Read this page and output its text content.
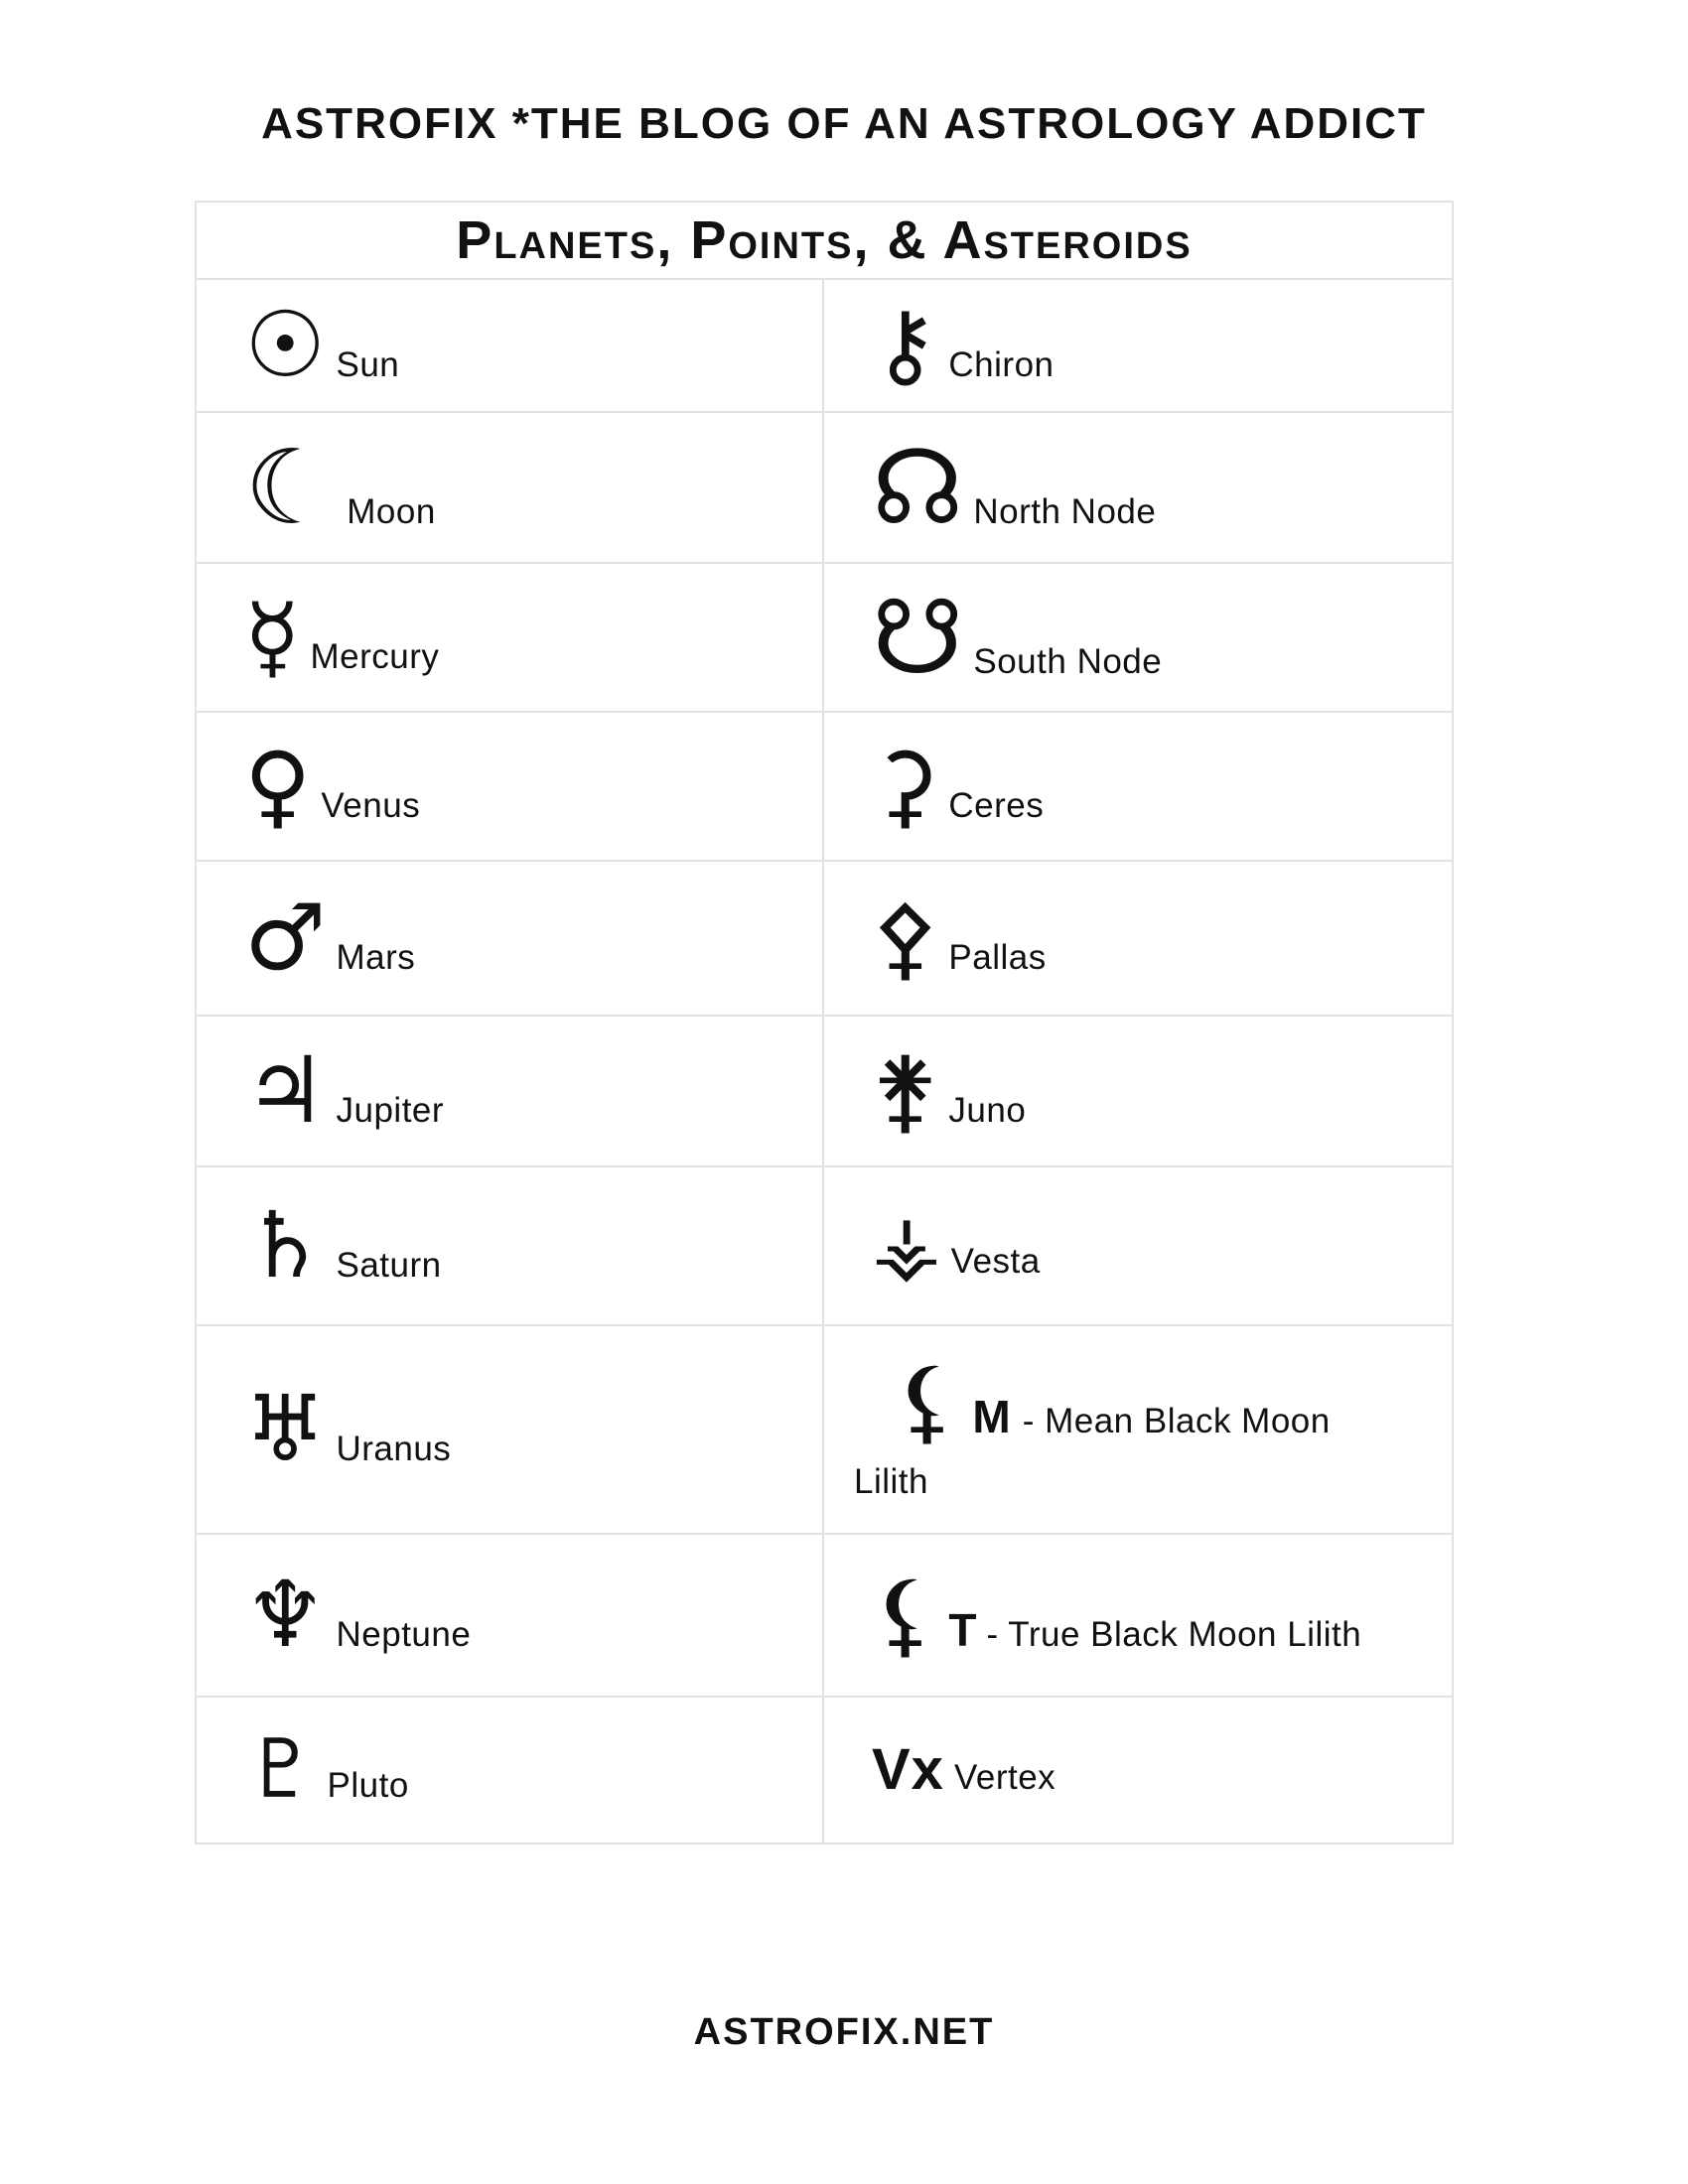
ASTROFIX *THE BLOG OF AN ASTROLOGY ADDICT
Planets, Points, & Asteroids
☉ Sun	⚷ Chiron
☾ Moon	☊ North Node
☿ Mercury	☋ South Node
♀ Venus	⚳ Ceres
♂ Mars	⚴ Pallas
♃ Jupiter	⚵ Juno
♄ Saturn	⚶ Vesta
♅ Uranus	⚸ M - Mean Black Moon
Lilith
♆ Neptune	⚸ T - True Black Moon Lilith
♇ Pluto	Vx Vertex
ASTROFIX.NET
